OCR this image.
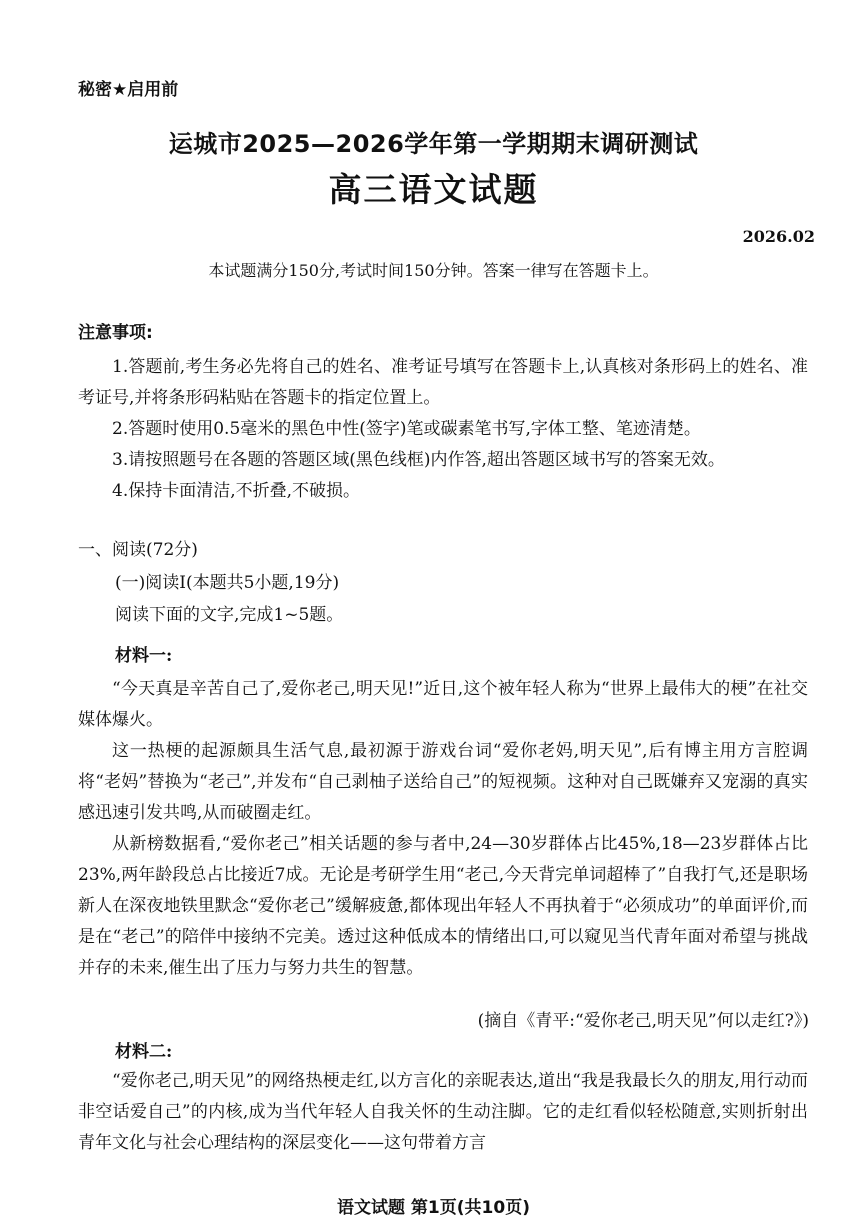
秘密★启用前
运城市2025—2026学年第一学期期末调研测试
高三语文试题
2026.02
本试题满分150分,考试时间150分钟。答案一律写在答题卡上。
注意事项:

1.答题前,考生务必先将自己的姓名、准考证号填写在答题卡上,认真核对条形码上的姓名、准考证号,并将条形码粘贴在答题卡的指定位置上。

2.答题时使用0.5毫米的黑色中性(签字)笔或碳素笔书写,字体工整、笔迹清楚。

3.请按照题号在各题的答题区域(黑色线框)内作答,超出答题区域书写的答案无效。

4.保持卡面清洁,不折叠,不破损。

一、阅读(72分)
(一)阅读Ⅰ(本题共5小题,19分)
阅读下面的文字,完成1~5题。
材料一:

“今天真是辛苦自己了,爱你老己,明天见!”近日,这个被年轻人称为“世界上最伟大的梗”在社交媒体爆火。

这一热梗的起源颇具生活气息,最初源于游戏台词“爱你老妈,明天见”,后有博主用方言腔调将“老妈”替换为“老己”,并发布“自己剥柚子送给自己”的短视频。这种对自己既嫌弃又宠溺的真实感迅速引发共鸣,从而破圈走红。

从新榜数据看,“爱你老己”相关话题的参与者中,24—30岁群体占比45%,18—23岁群体占比23%,两年龄段总占比接近7成。无论是考研学生用“老己,今天背完单词超棒了”自我打气,还是职场新人在深夜地铁里默念“爱你老己”缓解疲惫,都体现出年轻人不再执着于“必须成功”的单面评价,而是在“老己”的陪伴中接纳不完美。透过这种低成本的情绪出口,可以窥见当代青年面对希望与挑战并存的未来,催生出了压力与努力共生的智慧。

(摘自《青平:“爱你老己,明天见”何以走红?》)
材料二:

“爱你老己,明天见”的网络热梗走红,以方言化的亲昵表达,道出“我是我最长久的朋友,用行动而非空话爱自己”的内核,成为当代年轻人自我关怀的生动注脚。它的走红看似轻松随意,实则折射出青年文化与社会心理结构的深层变化——这句带着方言

语文试题 第1页(共10页)
